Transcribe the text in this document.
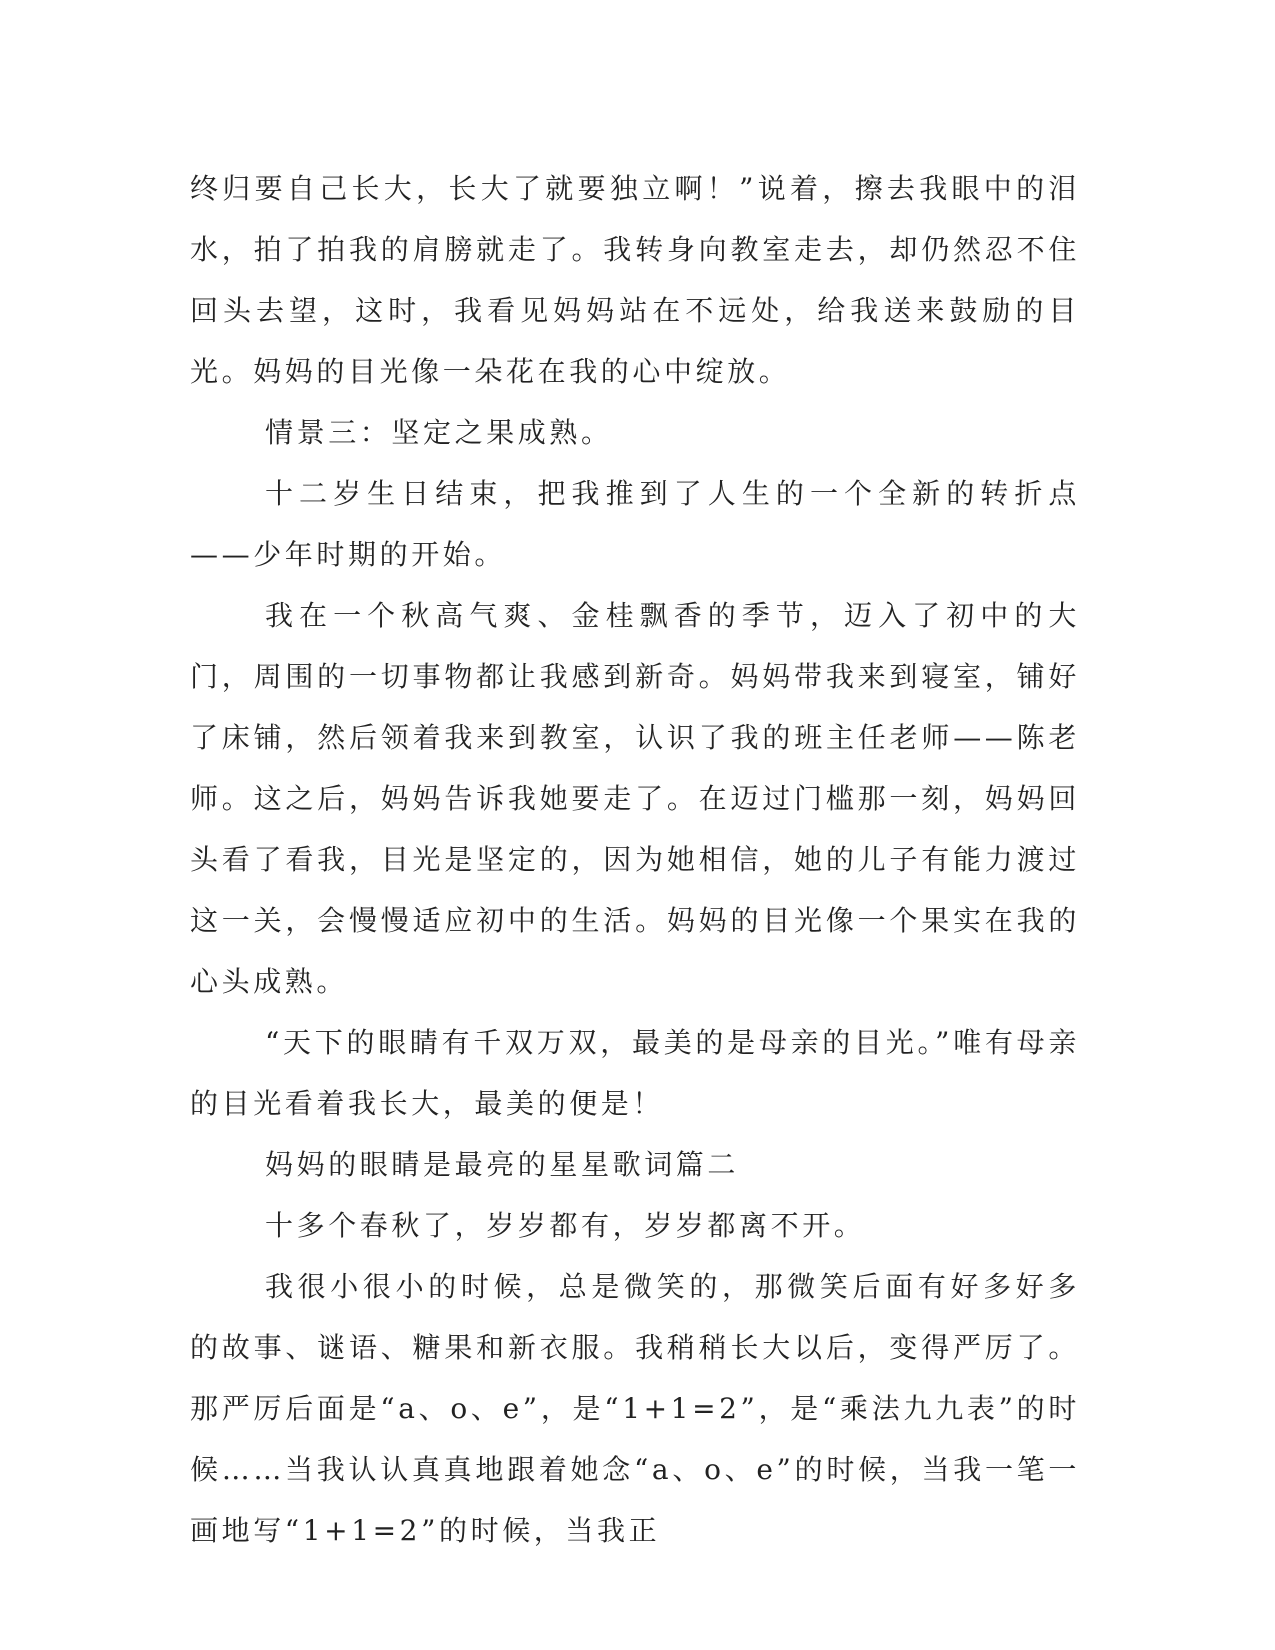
终归要自己长大，长大了就要独立啊！”说着，擦去我眼中的泪水，拍了拍我的肩膀就走了。我转身向教室走去，却仍然忍不住回头去望，这时，我看见妈妈站在不远处，给我送来鼓励的目光。妈妈的目光像一朵花在我的心中绽放。

情景三：坚定之果成熟。

十二岁生日结束，把我推到了人生的一个全新的转折点——少年时期的开始。

我在一个秋高气爽、金桂飘香的季节，迈入了初中的大门，周围的一切事物都让我感到新奇。妈妈带我来到寝室，铺好了床铺，然后领着我来到教室，认识了我的班主任老师——陈老师。这之后，妈妈告诉我她要走了。在迈过门槛那一刻，妈妈回头看了看我，目光是坚定的，因为她相信，她的儿子有能力渡过这一关，会慢慢适应初中的生活。妈妈的目光像一个果实在我的心头成熟。

“天下的眼睛有千双万双，最美的是母亲的目光。”唯有母亲的目光看着我长大，最美的便是！

妈妈的眼睛是最亮的星星歌词篇二

十多个春秋了，岁岁都有，岁岁都离不开。

我很小很小的时候，总是微笑的，那微笑后面有好多好多的故事、谜语、糖果和新衣服。我稍稍长大以后，变得严厉了。那严厉后面是“a、o、e”，是“1+1=2”，是“乘法九九表”的时候……当我认认真真地跟着她念“a、o、e”的时候，当我一笔一画地写“1+1=2”的时候，当我正
